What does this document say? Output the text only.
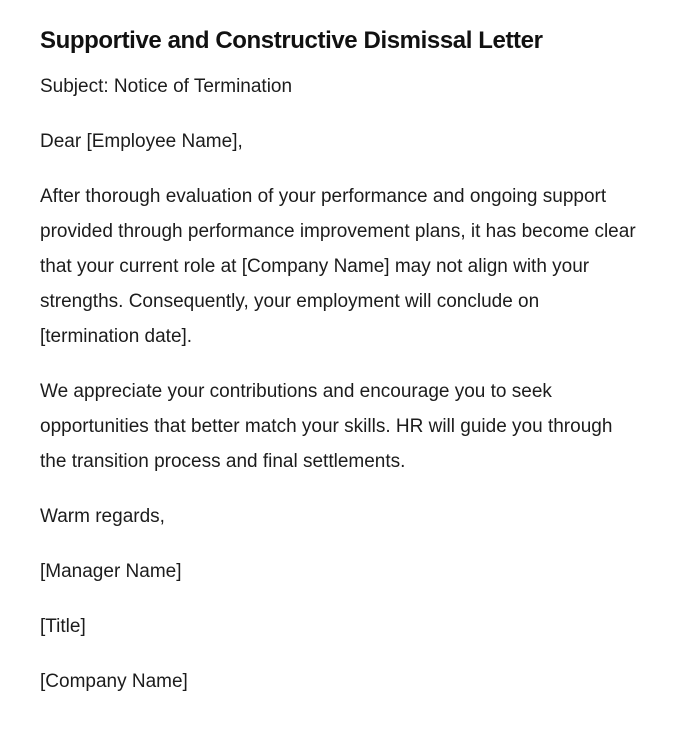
Supportive and Constructive Dismissal Letter

Subject: Notice of Termination

Dear [Employee Name],

After thorough evaluation of your performance and ongoing support provided through performance improvement plans, it has become clear that your current role at [Company Name] may not align with your strengths. Consequently, your employment will conclude on [termination date].

We appreciate your contributions and encourage you to seek opportunities that better match your skills. HR will guide you through the transition process and final settlements.

Warm regards,

[Manager Name]

[Title]

[Company Name]
